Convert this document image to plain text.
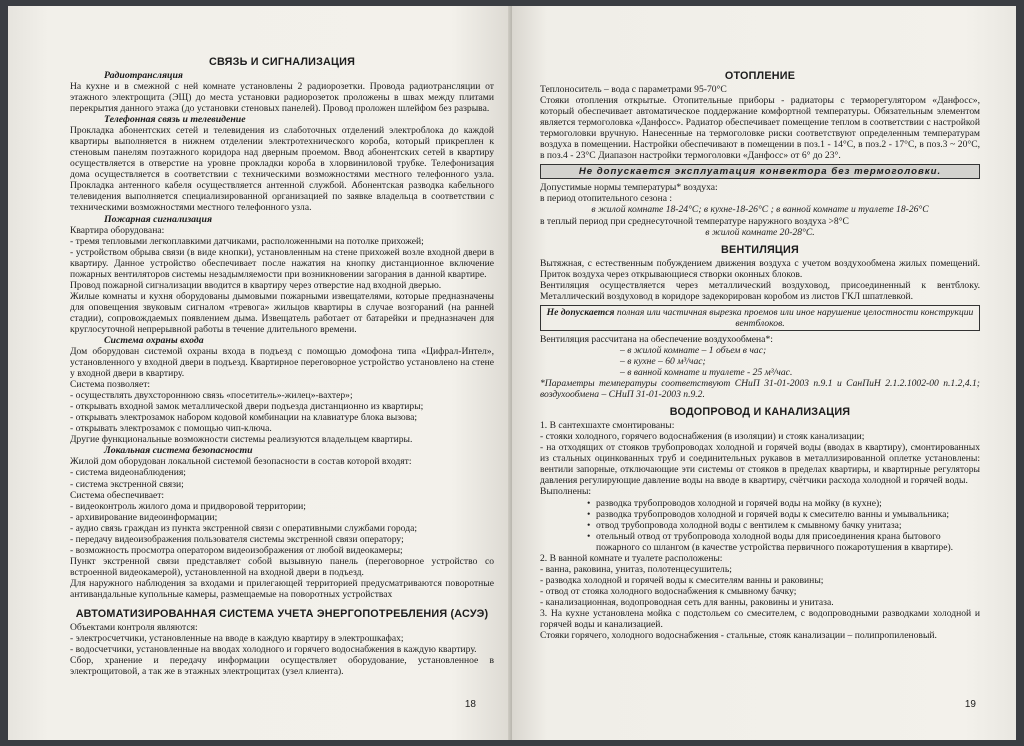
СВЯЗЬ И СИГНАЛИЗАЦИЯ
Радиотрансляция

На кухне и в смежной с ней комнате установлены 2 радиорозетки. Провода радиотрансляции от этажного электрощита (ЭЩ) до места установки радиорозеток проложены в швах между плитами перекрытия данного этажа (до установки стеновых панелей). Провод проложен шлейфом без разрыва.

Телефонная связь и телевидение

Прокладка абонентских сетей и телевидения из слаботочных отделений электроблока до каждой квартиры выполняется в нижнем отделении электротехнического короба, который прикреплен к стеновым панелям поэтажного коридора над дверным проемом. Ввод абонентских сетей в квартиру осуществляется в отверстие на уровне прокладки короба в хлорвиниловой трубке. Телефонизация дома осуществляется в соответствии с техническими возможностями местного телефонного узла. Прокладка антенного кабеля осуществляется антенной службой. Абонентская разводка кабельного телевидения выполняется специализированной организацией по заявке владельца в соответствии с техническими возможностями местного телефонного узла.

Пожарная сигнализация

Квартира оборудована:

- тремя тепловыми легкоплавкими датчиками, расположенными на потолке прихожей;

- устройством обрыва связи (в виде кнопки), установленным на стене прихожей возле входной двери в квартиру. Данное устройство обеспечивает после нажатия на кнопку дистанционное включение пожарных вентиляторов системы незадымляемости при возникновении загорания в данной квартире.

Провод пожарной сигнализации вводится в квартиру через отверстие над входной дверью.

Жилые комнаты и кухня оборудованы дымовыми пожарными извещателями, которые предназначены для оповещения звуковым сигналом «тревога» жильцов квартиры в случае возгораний (на ранней стадии), сопровождаемых появлением дыма. Извещатель работает от батарейки и предназначен для круглосуточной непрерывной работы в течение длительного времени.

Система охраны входа

Дом оборудован системой охраны входа в подъезд с помощью домофона типа «Цифрал-Интел», установленного у входной двери в подъезд. Квартирное переговорное устройство установлено на стене у входной двери в квартиру.

Система позволяет:

- осуществлять двухстороннюю связь «посетитель»-жилец»-вахтер»;

- открывать входной замок металлической двери подъезда дистанционно из квартиры;

- открывать электрозамок набором кодовой комбинации на клавиатуре блока вызова;

- открывать электрозамок с помощью чип-ключа.

Другие функциональные возможности системы реализуются владельцем квартиры.

Локальная система безопасности

Жилой дом оборудован локальной системой безопасности в состав которой входят:

- система видеонаблюдения;

- система экстренной связи;

Система обеспечивает:

- видеоконтроль жилого дома и придворовой территории;

- архивирование видеоинформации;

- аудио связь граждан из пункта экстренной связи с оперативными службами города;

- передачу видеоизображения пользователя системы экстренной связи оператору;

- возможность просмотра оператором видеоизображения от любой видеокамеры;

Пункт экстренной связи представляет собой вызывную панель (переговорное устройство со встроенной видеокамерой), установленной на входной двери в подъезд.

Для наружного наблюдения за входами и прилегающей территорией предусматриваются поворотные антивандальные купольные камеры, размещаемые на поворотных устройствах

АВТОМАТИЗИРОВАННАЯ СИСТЕМА УЧЕТА ЭНЕРГОПОТРЕБЛЕНИЯ (АСУЭ)

Объектами контроля являются:

- электросчетчики, установленные на вводе в каждую квартиру в электрошкафах;

- водосчетчики, установленные на вводах холодного и горячего водоснабжения в каждую квартиру.

Сбор, хранение и передачу информации осуществляет оборудование, установленное в электрощитовой, а так же в этажных электрощитах (узел клиента).

18
ОТОПЛЕНИЕ

Теплоноситель – вода с параметрами 95-70°С

Стояки отопления открытые. Отопительные приборы - радиаторы с терморегулятором «Данфосс», который обеспечивает автоматическое поддержание комфортной температуры. Обязательным элементом является термоголовка «Данфосс». Радиатор обеспечивает помещение теплом в соответствии с настройкой термоголовки вручную. Нанесенные на термоголовке риски соответствуют определенным температурам воздуха в помещении. Настройки обеспечивают в помещении в поз.1 - 14°С, в поз.2 - 17°С, в поз.3 ~ 20°С, в поз.4 - 23°С Диапазон настройки термоголовки «Данфосс» от 6° до 23°.

Не допускается эксплуатация конвектора без термоголовки.

Допустимые нормы температуры* воздуха:

в период отопительного сезона :

в жилой комнате 18-24°С; в кухне-18-26°С ; в ванной комнате и туалете 18-26°С

в теплый период при среднесуточной температуре наружного воздуха >8°С

в жилой комнате 20-28°С.

ВЕНТИЛЯЦИЯ

Вытяжная, с естественным побуждением движения воздуха с учетом воздухообмена жилых помещений. Приток воздуха через открывающиеся створки оконных блоков.

Вентиляция осуществляется через металлический воздуховод, присоединенный к вентблоку. Металлический воздуховод в коридоре задекорирован коробом из листов ГКЛ шпатлевкой.

Не допускается полная или частичная вырезка проемов или иное нарушение целостности конструкции вентблоков.

Вентиляция рассчитана на обеспечение воздухообмена*:

– в жилой комнате – 1 объем в час;

– в кухне – 60 м³/час;

– в ванной комнате и туалете - 25 м³/час.

*Параметры температуры соответствуют СНиП 31-01-2003 п.9.1 и СанПиН 2.1.2.1002-00 п.1.2,4.1; воздухообмена – СНиП 31-01-2003 п.9.2.

ВОДОПРОВОД И КАНАЛИЗАЦИЯ

1. В сантехшахте смонтированы:

- стояки холодного, горячего водоснабжения (в изоляции) и стояк канализации;

- на отходящих от стояков трубопроводах холодной и горячей воды (вводах в квартиру), смонтированных из стальных оцинкованных труб и соединительных рукавов в металлизированной оплетке установлены: вентили запорные, отключающие эти системы от стояков в пределах квартиры, и квартирные регуляторы давления регулирующие давление воды на вводе в квартиру, счётчики расхода холодной и горячей воды.

Выполнены:

• разводка трубопроводов холодной и горячей воды на мойку (в кухне);
• разводка трубопроводов холодной и горячей воды к смесителю ванны и умывальника;
• отвод трубопровода холодной воды с вентилем к смывному бачку унитаза;
• отельный отвод от трубопровода холодной воды для присоединения крана бытового пожарного со шлангом (в качестве устройства первичного пожаротушения в квартире).

2. В ванной комнате и туалете расположены:

- ванна, раковина, унитаз, полотенцесушитель;

- разводка холодной и горячей воды к смесителям ванны и раковины;

- отвод от стояка холодного водоснабжения к смывному бачку;

- канализационная, водопроводная сеть для ванны, раковины и унитаза.

3. На кухне установлена мойка с подстольем со смесителем, с водопроводными разводками холодной и горячей воды и канализацией.

Стояки горячего, холодного водоснабжения - стальные, стояк канализации – полипропиленовый.

19
